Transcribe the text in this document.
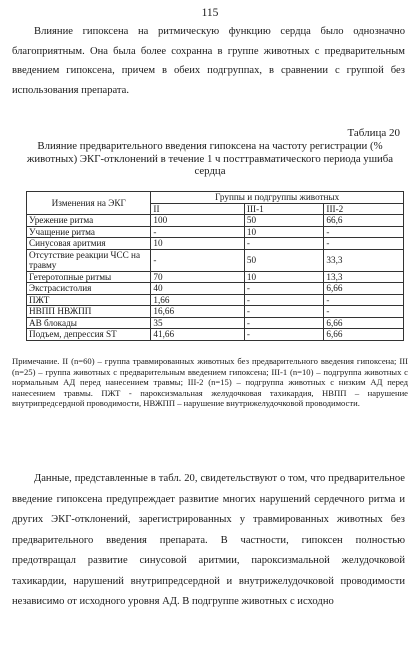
115
Влияние гипоксена на ритмическую функцию сердца было однозначно благоприятным. Она была более сохранна в группе животных с предварительным введением гипоксена, причем в обеих подгруппах, в сравнении с группой без использования препарата.
Таблица 20
Влияние предварительного введения гипоксена на частоту регистрации (% животных) ЭКГ-отклонений в течение 1 ч посттравматического периода ушиба сердца
Изменения на ЭКГ	Группы и подгруппы животных		
	II	III-1	III-2
Урежение ритма	100	50	66,6
Учащение ритма	-	10	-
Синусовая аритмия	10	-	-
Отсутствие реакции ЧСС на травму	-	50	33,3
Гетеротопные ритмы	70	10	13,3
Экстрасистолия	40	-	6,66
ПЖТ	1,66	-	-
НВПП НВЖПП	16,66	-	-
АВ блокады	35	-	6,66
Подъем, депрессия ST	41,66	-	6,66
Примечание. II (n=60) – группа травмированных животных без предварительного введения гипоксена; III (n=25) – группа животных с предварительным введением гипоксена; III-1 (n=10) – подгруппа животных с нормальным АД перед нанесением травмы; III-2 (n=15) – подгруппа животных с низким АД перед нанесением травмы. ПЖТ - пароксизмальная желудочковая тахикардия, НВПП – нарушение внутрипредсердной проводимости, НВЖПП – нарушение внутрижелудочковой проводимости.
Данные, представленные в табл. 20, свидетельствуют о том, что предварительное введение гипоксена предупреждает развитие многих нарушений сердечного ритма и других ЭКГ-отклонений, зарегистрированных у травмированных животных без предварительного введения препарата. В частности, гипоксен полностью предотвращал развитие синусовой аритмии, пароксизмальной желудочковой тахикардии, нарушений внутрипредсердной и внутрижелудочковой проводимости независимо от исходного уровня АД. В подгруппе животных с исходно
